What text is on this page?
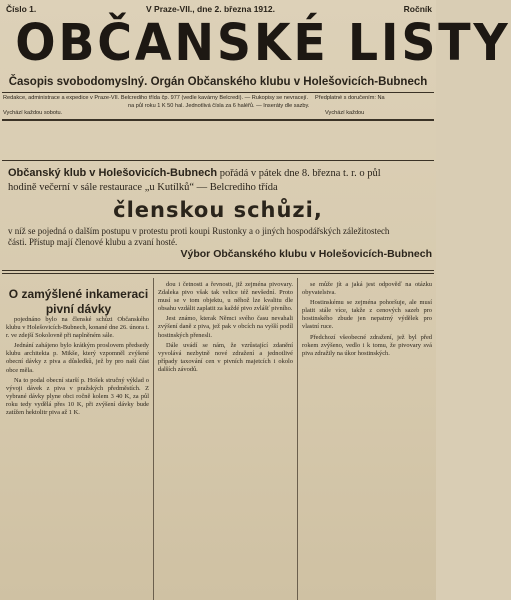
Číslo 1.	V Praze-VII., dne 2. března 1912.	Ročník
OBČANSKÉ LISTY
Časopis svobodomyslný. Orgán Občanského klubu v Holešovicích-Bubnech
Redakce, administrace a expedice v Praze-VII. Belcrediho třída čp. 977 (vedle kavárny Belcredi). — Rukopisy se nevracejí. Předplatné s doručením: Na
na půl roku 1 K 50 hal. Jednotlivá čísla za 6 haléřů. — Inseráty dle sazby.
Vychází každou sobotu.	Vychází každou
Občanský klub v Holešovicích-Bubnech pořádá v pátek dne 8. března t. r. o půl
hodině večerní v sále restaurace „u Kutílků“ — Belcrediho třída
členskou schůzi,
v níž se pojedná o dalším postupu v protestu proti koupi Rustonky a o jiných hospodářských záležitostech
části. Přístup mají členové klubu a zvaní hosté.
Výbor Občanského klubu v Holešovicích-Bubnech
O zamýšlené inkameraci
pivní dávky

pojednáno bylo na členské schůzi Občanského klubu v Holešovicích-Bubnech, konané dne 26. února t. r. ve zdejší Sokolovně při naplněném sále.

Jednání zahájeno bylo krátkým proslovem předsedy klubu architekta p. Mikše, který vzpomněl zvýšené obecní dávky z piva a důsledků, jež by pro naši část obce měla.

Na to podal obecní starší p. Hošek stručný výklad o vývoji dávek z piva v pražských předměstích. Z vybrané dávky plyne obci ročně kolem 3 40 K, za půl roku tedy vydělá přes 10 K, při zvýšení dávky bude zatížen hektolitr piva až 1 K.

dou i četnosti a řevnosti, již zejména pivovary. Zdaleka pivo však tak velice též nevšední. Proto musí se v tom objektu, u něhož lze kvalitu dle obsahu vzdálit zaplatit za každé pivo zvlášť pivního.

Jest známo, kterak Němci svého času nevahali zvýšení daně z piva, jež pak v obcích na vyšší podíl hostinských přenesli.

Dále uvádí se nám, že vzrůstající zdanění vyvolává nezbytně nové zdražení a jednotlivé případy taxování cen v pivních majetcích i okolo dalších závodů.

se může jít a jaká jest odpověď na otázku obyvatelstva.

Hostinskému se zejména pohoršuje, ale musí platit stále více, takže z cenových sazeb pro hostinského zbude jen nepatrný výdělek pro vlastní ruce.

Předchozí všeobecné zdražení, jež byl před rokem zvýšeno, vedlo i k tomu, že pivovary svá piva zdražily na úkor hostinských.
